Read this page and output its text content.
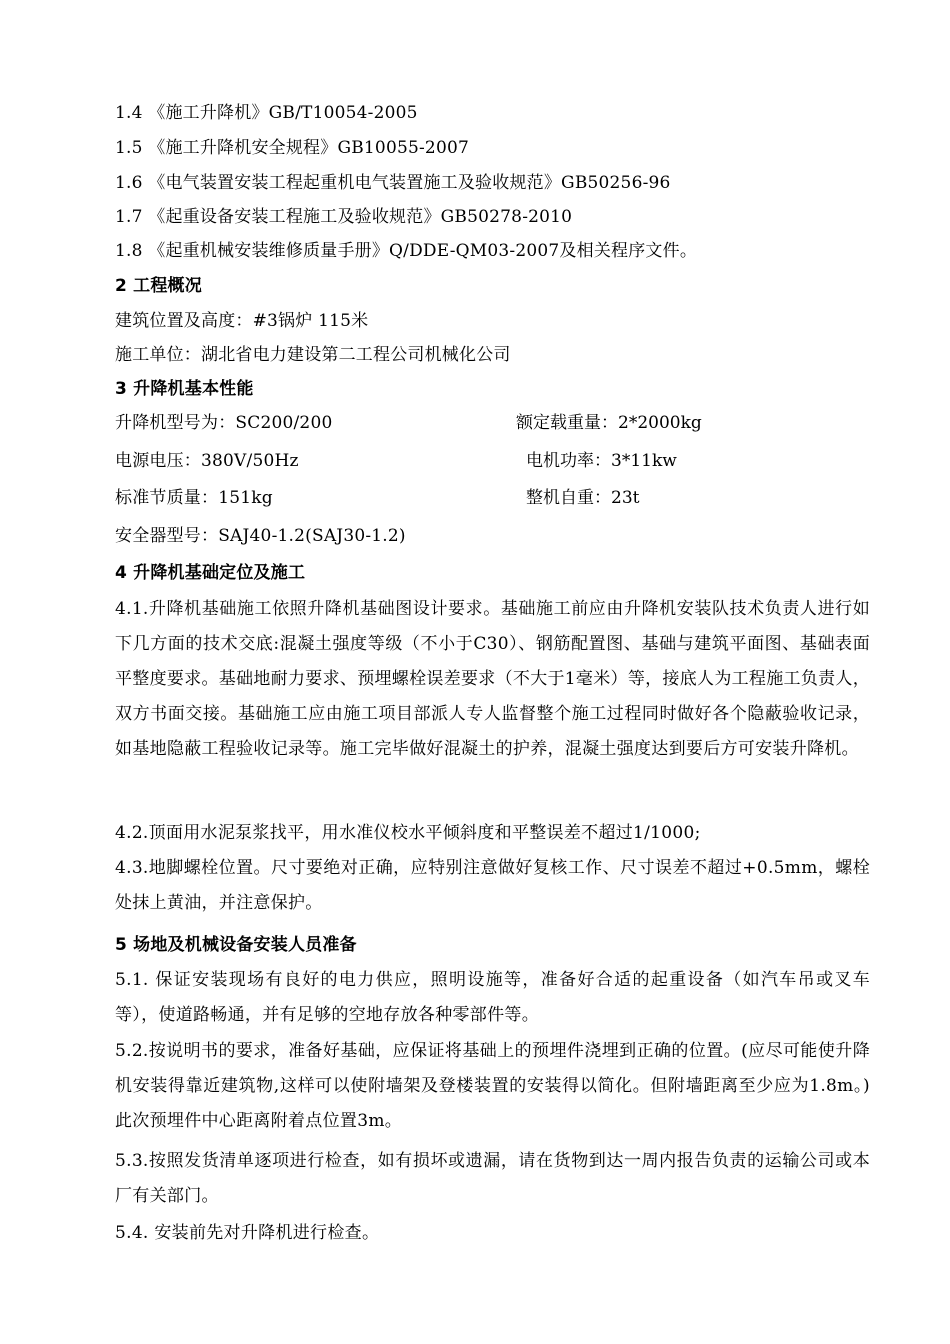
1.4 《施工升降机》GB/T10054-2005
1.5 《施工升降机安全规程》GB10055-2007
1.6 《电气装置安装工程起重机电气装置施工及验收规范》GB50256-96
1.7 《起重设备安装工程施工及验收规范》GB50278-2010
1.8 《起重机械安装维修质量手册》Q/DDE-QM03-2007及相关程序文件。
2 工程概况
建筑位置及高度：#3锅炉 115米
施工单位：湖北省电力建设第二工程公司机械化公司
3 升降机基本性能
升降机型号为：SC200/200	额定载重量：2*2000kg
电源电压：380V/50Hz	电机功率：3*11kw
标准节质量：151kg	整机自重：23t
安全器型号：SAJ40-1.2(SAJ30-1.2)
4 升降机基础定位及施工
4.1.升降机基础施工依照升降机基础图设计要求。基础施工前应由升降机安装队技术负责人进行如下几方面的技术交底:混凝土强度等级（不小于C30）、钢筋配置图、基础与建筑平面图、基础表面平整度要求。基础地耐力要求、预埋螺栓误差要求（不大于1毫米）等，接底人为工程施工负责人，双方书面交接。基础施工应由施工项目部派人专人监督整个施工过程同时做好各个隐蔽验收记录，如基地隐蔽工程验收记录等。施工完毕做好混凝土的护养，混凝土强度达到要后方可安装升降机。
4.2.顶面用水泥泵浆找平，用水准仪校水平倾斜度和平整误差不超过1/1000;
4.3.地脚螺栓位置。尺寸要绝对正确，应特别注意做好复核工作、尺寸误差不超过+0.5mm，螺栓处抹上黄油，并注意保护。
5 场地及机械设备安装人员准备
5.1. 保证安装现场有良好的电力供应，照明设施等，准备好合适的起重设备（如汽车吊或叉车等），使道路畅通，并有足够的空地存放各种零部件等。
5.2.按说明书的要求，准备好基础，应保证将基础上的预埋件浇埋到正确的位置。(应尽可能使升降机安装得靠近建筑物,这样可以使附墙架及登楼装置的安装得以简化。但附墙距离至少应为1.8m。)此次预埋件中心距离附着点位置3m。
5.3.按照发货清单逐项进行检查，如有损坏或遗漏，请在货物到达一周内报告负责的运输公司或本厂有关部门。
5.4. 安装前先对升降机进行检查。
